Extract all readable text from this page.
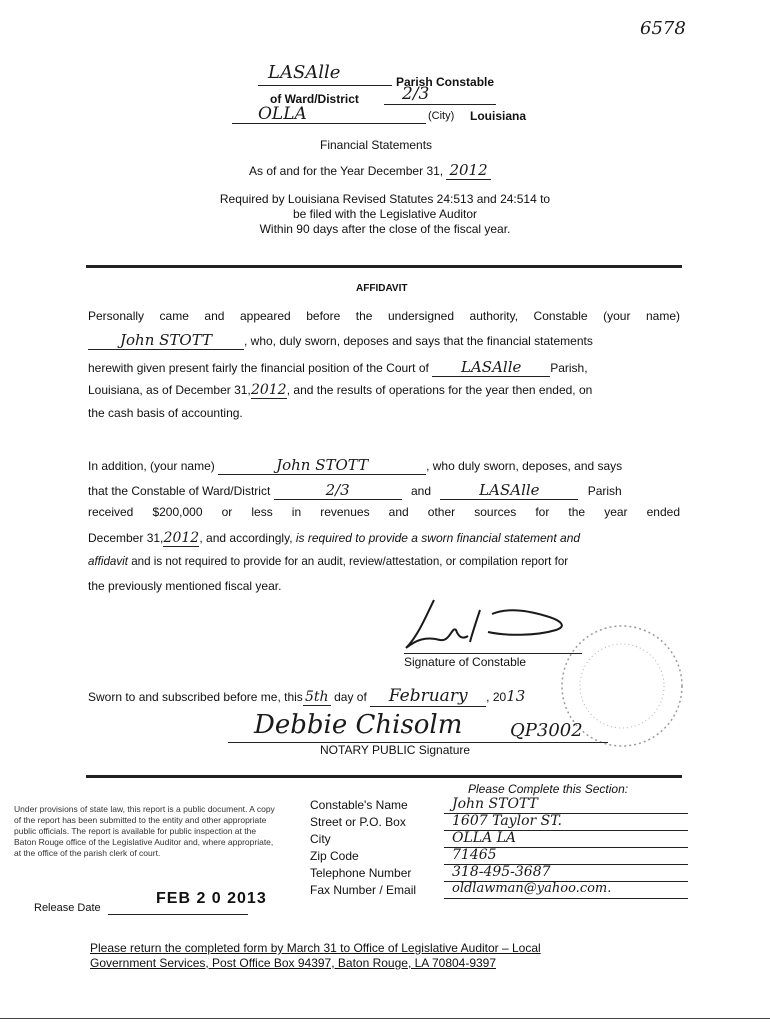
6578
LASAlle	Parish Constable
of Ward/District	2/3
OLLA	(City) Louisiana
Financial Statements
As of and for the Year December 31, 2012
Required by Louisiana Revised Statutes 24:513 and 24:514 to
be filed with the Legislative Auditor
Within 90 days after the close of the fiscal year.
AFFIDAVIT
Personally came and appeared before the undersigned authority, Constable (your name)
John STOTT	, who, duly sworn, deposes and says that the financial statements
herewith given present fairly the financial position of the Court of LASAlle Parish,
Louisiana, as of December 31,2012, and the results of operations for the year then ended, on
the cash basis of accounting.
In addition, (your name)	John STOTT	, who duly sworn, deposes, and says
that the Constable of Ward/District	2/3	and	LASAlle	Parish
received $200,000 or less in revenues and other sources for the year ended
December 31,2012, and accordingly, is required to provide a sworn financial statement and
affidavit and is not required to provide for an audit, review/attestation, or compilation report for
the previously mentioned fiscal year.
Signature of Constable
Sworn to and subscribed before me, this 5th day of February , 2013
Debbie Chisolm	QP3002
NOTARY PUBLIC Signature
Under provisions of state law, this report is a public document. A copy of the report has been submitted to the entity and other appropriate public officials. The report is available for public inspection at the Baton Rouge office of the Legislative Auditor and, where appropriate, at the office of the parish clerk of court.
Release Date
FEB 2 0 2013
Please Complete this Section:
Constable's Name	John STOTT
Street or P.O. Box	1607 Taylor ST.
City	OLLA LA
Zip Code	71465
Telephone Number	318-495-3687
Fax Number / Email	oldlawman@yahoo.com.
Please return the completed form by March 31 to Office of Legislative Auditor – Local
Government Services, Post Office Box 94397, Baton Rouge, LA 70804-9397
